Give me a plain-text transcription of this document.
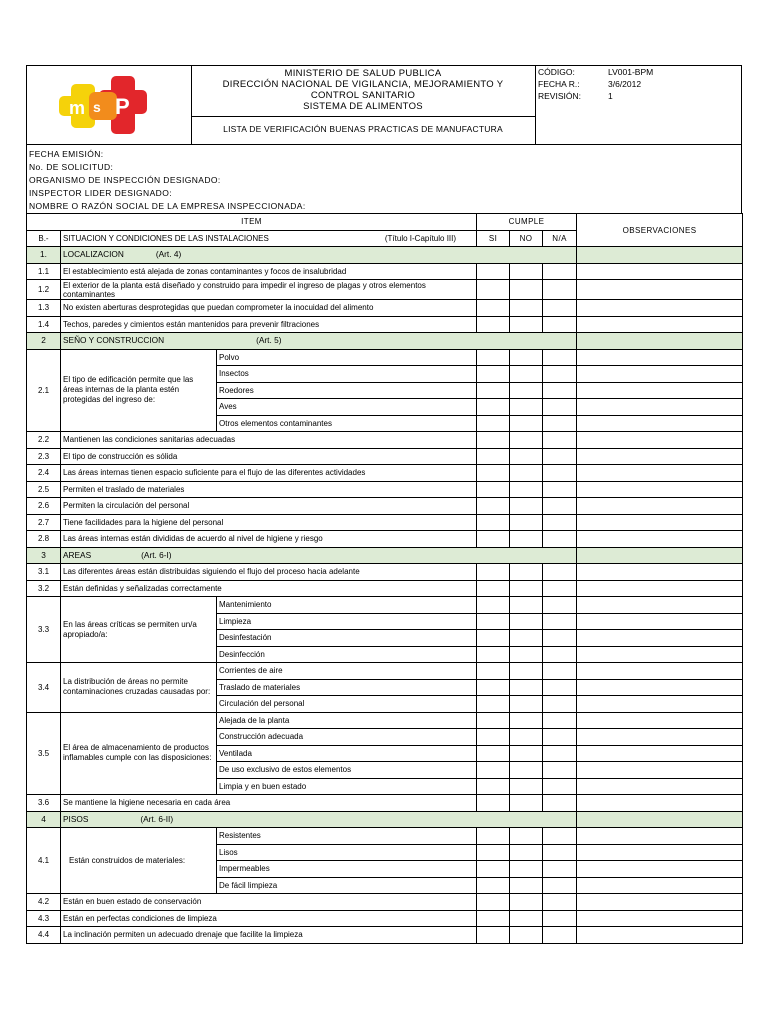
m s P
MINISTERIO DE SALUD PUBLICA
DIRECCIÓN NACIONAL DE VIGILANCIA, MEJORAMIENTO Y
CONTROL SANITARIO
SISTEMA DE ALIMENTOS
LISTA DE VERIFICACIÓN BUENAS PRACTICAS DE MANUFACTURA
CÓDIGO:	LV001-BPM
FECHA R.:	3/6/2012
REVISIÓN:	1
FECHA EMISIÓN:
No. DE SOLICITUD:
ORGANISMO DE INSPECCIÓN DESIGNADO:
INSPECTOR LIDER DESIGNADO:
NOMBRE O RAZÓN SOCIAL DE LA EMPRESA INSPECCIONADA:
ITEM			CUMPLE			OBSERVACIONES
B.-	SITUACION Y CONDICIONES DE LAS INSTALACIONES (Título I-Capítulo III)		SI	NO	N/A	
1.	LOCALIZACION (Art. 4)					
1.1	El establecimiento está alejada de zonas contaminantes y focos de insalubridad					
1.2	El exterior de la planta está diseñado y construido para impedir el ingreso de plagas y otros elementos contaminantes					
1.3	No existen aberturas desprotegidas que puedan comprometer la inocuidad del alimento					
1.4	Techos, paredes y cimientos están mantenidos para prevenir filtraciones					
2	SEÑO Y CONSTRUCCION (Art. 5)					
2.1	El tipo de edificación permite que las áreas internas de la planta estén protegidas del ingreso de:	Polvo				
		Insectos				
		Roedores				
		Aves				
		Otros elementos contaminantes				
2.2	Mantienen las condiciones sanitarias adecuadas					
2.3	El tipo de construcción es sólida					
2.4	Las áreas internas tienen espacio suficiente para el flujo de las diferentes actividades					
2.5	Permiten el traslado de materiales					
2.6	Permiten la circulación del personal					
2.7	Tiene facilidades para la higiene del personal					
2.8	Las áreas internas están divididas de acuerdo al nivel de higiene y riesgo					
3	AREAS (Art. 6-I)					
3.1	Las diferentes áreas están distribuidas siguiendo el flujo del proceso hacia adelante					
3.2	Están definidas y señalizadas correctamente					
3.3	En las áreas críticas se permiten un/a apropiado/a:	Mantenimiento				
		Limpieza				
		Desinfestación				
		Desinfección				
3.4	La distribución de áreas no permite contaminaciones cruzadas causadas por:	Corrientes de aire				
		Traslado de materiales				
		Circulación del personal				
3.5	El área de almacenamiento de productos inflamables cumple con las disposiciones:	Alejada de la planta				
		Construcción adecuada				
		Ventilada				
		De uso exclusivo de estos elementos				
		Limpia y en buen estado				
3.6	Se mantiene la higiene necesaria en cada área					
4	PISOS (Art. 6-II)					
4.1	Están construidos de materiales:	Resistentes				
		Lisos				
		Impermeables				
		De fácil limpieza				
4.2	Están en buen estado de conservación					
4.3	Están en perfectas condiciones de limpieza					
4.4	La inclinación permiten un adecuado drenaje que facilite la limpieza					
